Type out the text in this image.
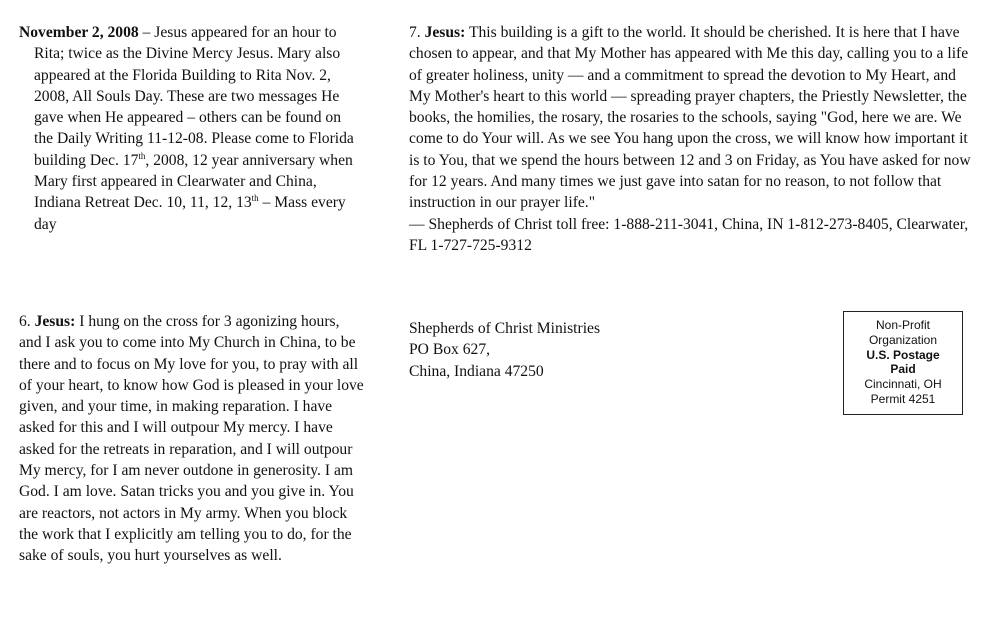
November 2, 2008 – Jesus appeared for an hour to Rita; twice as the Divine Mercy Jesus. Mary also appeared at the Florida Building to Rita Nov. 2, 2008, All Souls Day. These are two messages He gave when He appeared – others can be found on the Daily Writing 11-12-08. Please come to Florida building Dec. 17th, 2008, 12 year anniversary when Mary first appeared in Clearwater and China, Indiana Retreat Dec. 10, 11, 12, 13th – Mass every day

6. Jesus: I hung on the cross for 3 agonizing hours, and I ask you to come into My Church in China, to be there and to focus on My love for you, to pray with all of your heart, to know how God is pleased in your love given, and your time, in making reparation. I have asked for this and I will outpour My mercy. I have asked for the retreats in reparation, and I will outpour My mercy, for I am never outdone in generosity. I am God. I am love. Satan tricks you and you give in. You are reactors, not actors in My army. When you block the work that I explicitly am telling you to do, for the sake of souls, you hurt yourselves as well.

7. Jesus: This building is a gift to the world. It should be cherished. It is here that I have chosen to appear, and that My Mother has appeared with Me this day, calling you to a life of greater holiness, unity — and a commitment to spread the devotion to My Heart, and My Mother's heart to this world — spreading prayer chapters, the Priestly Newsletter, the books, the homilies, the rosary, the rosaries to the schools, saying "God, here we are. We come to do Your will. As we see You hang upon the cross, we will know how important it is to You, that we spend the hours between 12 and 3 on Friday, as You have asked for now for 12 years. And many times we just gave into satan for no reason, to not follow that instruction in our prayer life."
— Shepherds of Christ toll free: 1-888-211-3041, China, IN 1-812-273-8405, Clearwater, FL 1-727-725-9312

Shepherds of Christ Ministries
PO Box 627,
China, Indiana 47250
Non-Profit
Organization
U.S. Postage
Paid
Cincinnati, OH
Permit 4251
